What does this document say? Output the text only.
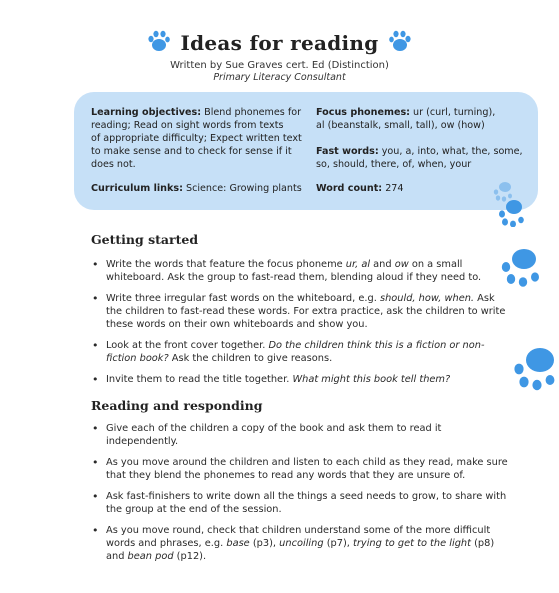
Ideas for reading
Written by Sue Graves cert. Ed (Distinction)
Primary Literacy Consultant
Learning objectives: Blend phonemes for
reading; Read on sight words from texts
of appropriate difficulty; Expect written text
to make sense and to check for sense if it
does not.
Curriculum links: Science: Growing plants
Focus phonemes: ur (curl, turning),
al (beanstalk, small, tall), ow (how)
Fast words: you, a, into, what, the, some,
so, should, there, of, when, your
Word count: 274
Getting started
• Write the words that feature the focus phoneme ur, al and ow on a small whiteboard. Ask the group to fast-read them, blending aloud if they need to.
• Write three irregular fast words on the whiteboard, e.g. should, how, when. Ask the children to fast-read these words. For extra practice, ask the children to write these words on their own whiteboards and show you.
• Look at the front cover together. Do the children think this is a fiction or non-fiction book? Ask the children to give reasons.
• Invite them to read the title together. What might this book tell them?
Reading and responding
• Give each of the children a copy of the book and ask them to read it independently.
• As you move around the children and listen to each child as they read, make sure that they blend the phonemes to read any words that they are unsure of.
• Ask fast-finishers to write down all the things a seed needs to grow, to share with the group at the end of the session.
• As you move round, check that children understand some of the more difficult words and phrases, e.g. base (p3), uncoiling (p7), trying to get to the light (p8) and bean pod (p12).
